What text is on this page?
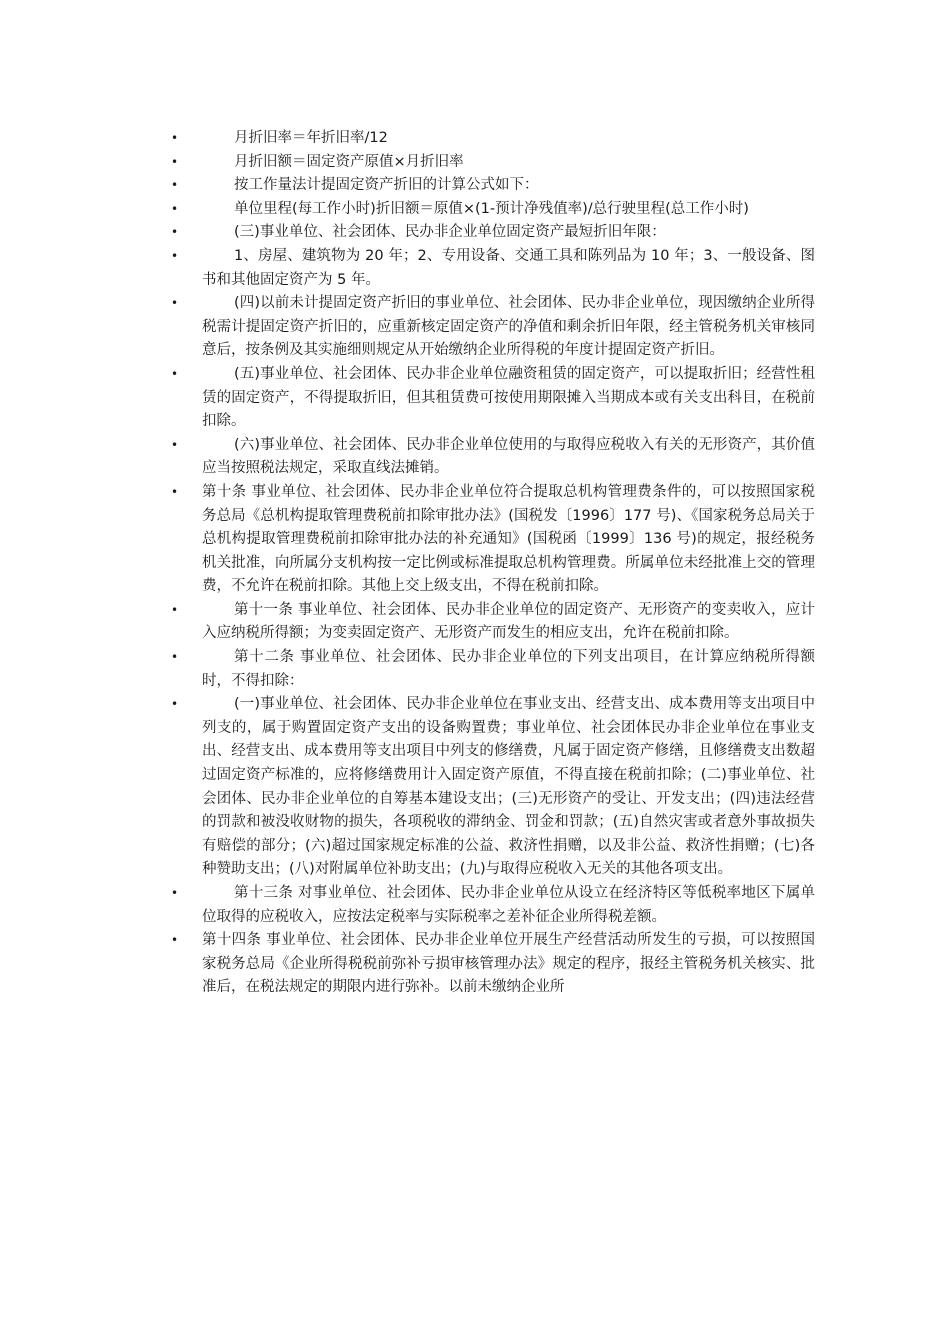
•	月折旧率＝年折旧率/12
•	月折旧额＝固定资产原值×月折旧率
•	按工作量法计提固定资产折旧的计算公式如下：
•	单位里程(每工作小时)折旧额＝原值×(1-预计净残值率)/总行驶里程(总工作小时)
•	(三)事业单位、社会团体、民办非企业单位固定资产最短折旧年限：
•	1、房屋、建筑物为 20 年；2、专用设备、交通工具和陈列品为 10 年；3、一般设备、图书和其他固定资产为 5 年。
•	(四)以前未计提固定资产折旧的事业单位、社会团体、民办非企业单位，现因缴纳企业所得税需计提固定资产折旧的，应重新核定固定资产的净值和剩余折旧年限，经主管税务机关审核同意后，按条例及其实施细则规定从开始缴纳企业所得税的年度计提固定资产折旧。
•	(五)事业单位、社会团体、民办非企业单位融资租赁的固定资产，可以提取折旧；经营性租赁的固定资产，不得提取折旧，但其租赁费可按使用期限摊入当期成本或有关支出科目，在税前扣除。
•	(六)事业单位、社会团体、民办非企业单位使用的与取得应税收入有关的无形资产，其价值应当按照税法规定，采取直线法摊销。
• 第十条 事业单位、社会团体、民办非企业单位符合提取总机构管理费条件的，可以按照国家税务总局《总机构提取管理费税前扣除审批办法》(国税发〔1996〕177 号)、《国家税务总局关于总机构提取管理费税前扣除审批办法的补充通知》(国税函〔1999〕136 号)的规定，报经税务机关批准，向所属分支机构按一定比例或标准提取总机构管理费。所属单位未经批准上交的管理费，不允许在税前扣除。其他上交上级支出，不得在税前扣除。
•	第十一条 事业单位、社会团体、民办非企业单位的固定资产、无形资产的变卖收入，应计入应纳税所得额；为变卖固定资产、无形资产而发生的相应支出，允许在税前扣除。
•	第十二条 事业单位、社会团体、民办非企业单位的下列支出项目，在计算应纳税所得额时，不得扣除：
•	(一)事业单位、社会团体、民办非企业单位在事业支出、经营支出、成本费用等支出项目中列支的，属于购置固定资产支出的设备购置费；事业单位、社会团体民办非企业单位在事业支出、经营支出、成本费用等支出项目中列支的修缮费，凡属于固定资产修缮，且修缮费支出数超过固定资产标准的，应将修缮费用计入固定资产原值，不得直接在税前扣除；(二)事业单位、社会团体、民办非企业单位的自筹基本建设支出；(三)无形资产的受让、开发支出；(四)违法经营的罚款和被没收财物的损失，各项税收的滞纳金、罚金和罚款；(五)自然灾害或者意外事故损失有赔偿的部分；(六)超过国家规定标准的公益、救济性捐赠，以及非公益、救济性捐赠；(七)各种赞助支出；(八)对附属单位补助支出；(九)与取得应税收入无关的其他各项支出。
•	第十三条 对事业单位、社会团体、民办非企业单位从设立在经济特区等低税率地区下属单位取得的应税收入，应按法定税率与实际税率之差补征企业所得税差额。
• 第十四条 事业单位、社会团体、民办非企业单位开展生产经营活动所发生的亏损，可以按照国家税务总局《企业所得税税前弥补亏损审核管理办法》规定的程序，报经主管税务机关核实、批准后，在税法规定的期限内进行弥补。以前未缴纳企业所
